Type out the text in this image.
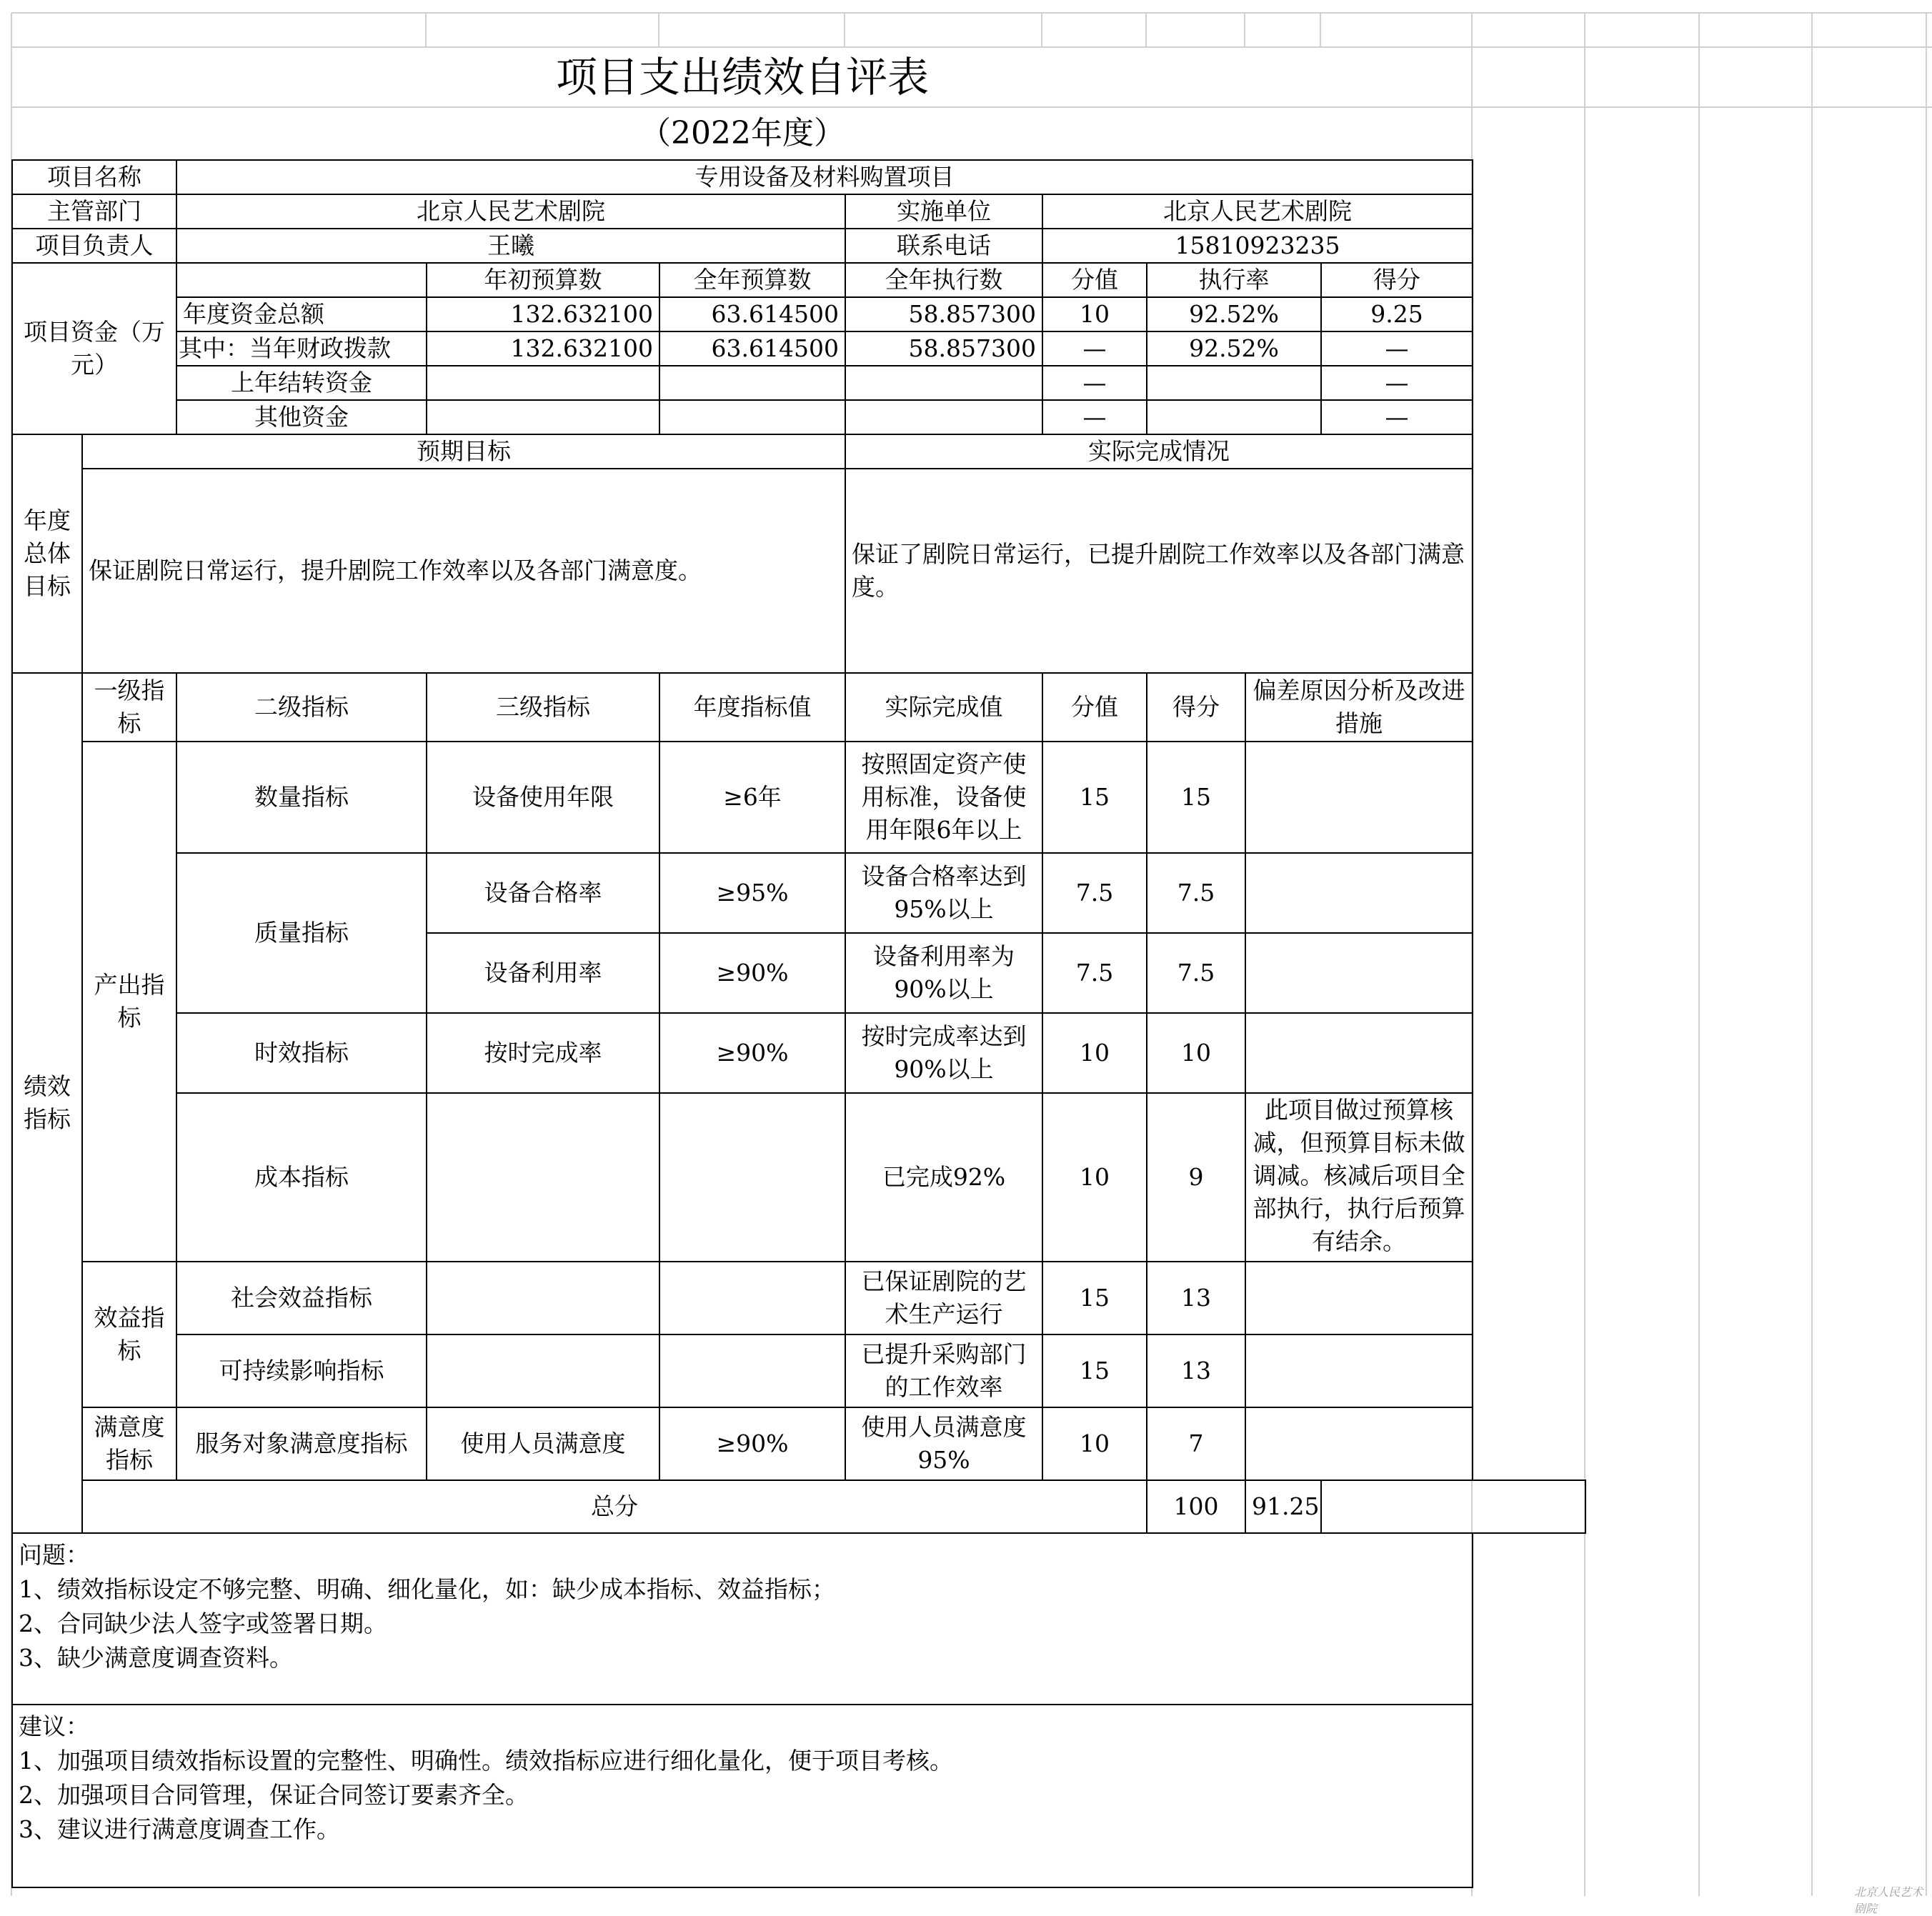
项目支出绩效自评表											
（2022年度）											
项目名称		专用设备及材料购置项目									
主管部门		北京人民艺术剧院			实施单位	北京人民艺术剧院					
项目负责人		王曦			联系电话	15810923235					
项目资金（万元）			年初预算数	全年预算数	全年执行数	分值	执行率		得分		
		年度资金总额	132.632100	63.614500	58.857300	10	92.52%		9.25		
		其中：当年财政拨款	132.632100	63.614500	58.857300	—	92.52%		—		
		上年结转资金				—			—		
		其他资金				—			—		
年度总体目标	预期目标				实际完成情况						
	保证剧院日常运行，提升剧院工作效率以及各部门满意度。				保证了剧院日常运行，已提升剧院工作效率以及各部门满意度。						
绩效指标	一级指标	二级指标	三级指标	年度指标值	实际完成值	分值	得分	偏差原因分析及改进措施			
	产出指标	数量指标	设备使用年限	≥6年	按照固定资产使用标准，设备使用年限6年以上	15	15				
		质量指标	设备合格率	≥95%	设备合格率达到95%以上	7.5	7.5				
			设备利用率	≥90%	设备利用率为90%以上	7.5	7.5				
		时效指标	按时完成率	≥90%	按时完成率达到90%以上	10	10				
		成本指标			已完成92%	10	9	此项目做过预算核减，但预算目标未做调减。核减后项目全部执行，执行后预算有结余。			
	效益指标	社会效益指标			已保证剧院的艺术生产运行	15	13				
		可持续影响指标			已提升采购部门的工作效率	15	13				
	满意度指标	服务对象满意度指标	使用人员满意度	≥90%	使用人员满意度95%	10	7				
	总分						100	91.25			

问题：
1、绩效指标设定不够完整、明确、细化量化，如：缺少成本指标、效益指标；
2、合同缺少法人签字或签署日期。
3、缺少满意度调查资料。											

建议：
1、加强项目绩效指标设置的完整性、明确性。绩效指标应进行细化量化，便于项目考核。
2、加强项目合同管理，保证合同签订要素齐全。
3、建议进行满意度调查工作。											

北京人民艺术剧院
